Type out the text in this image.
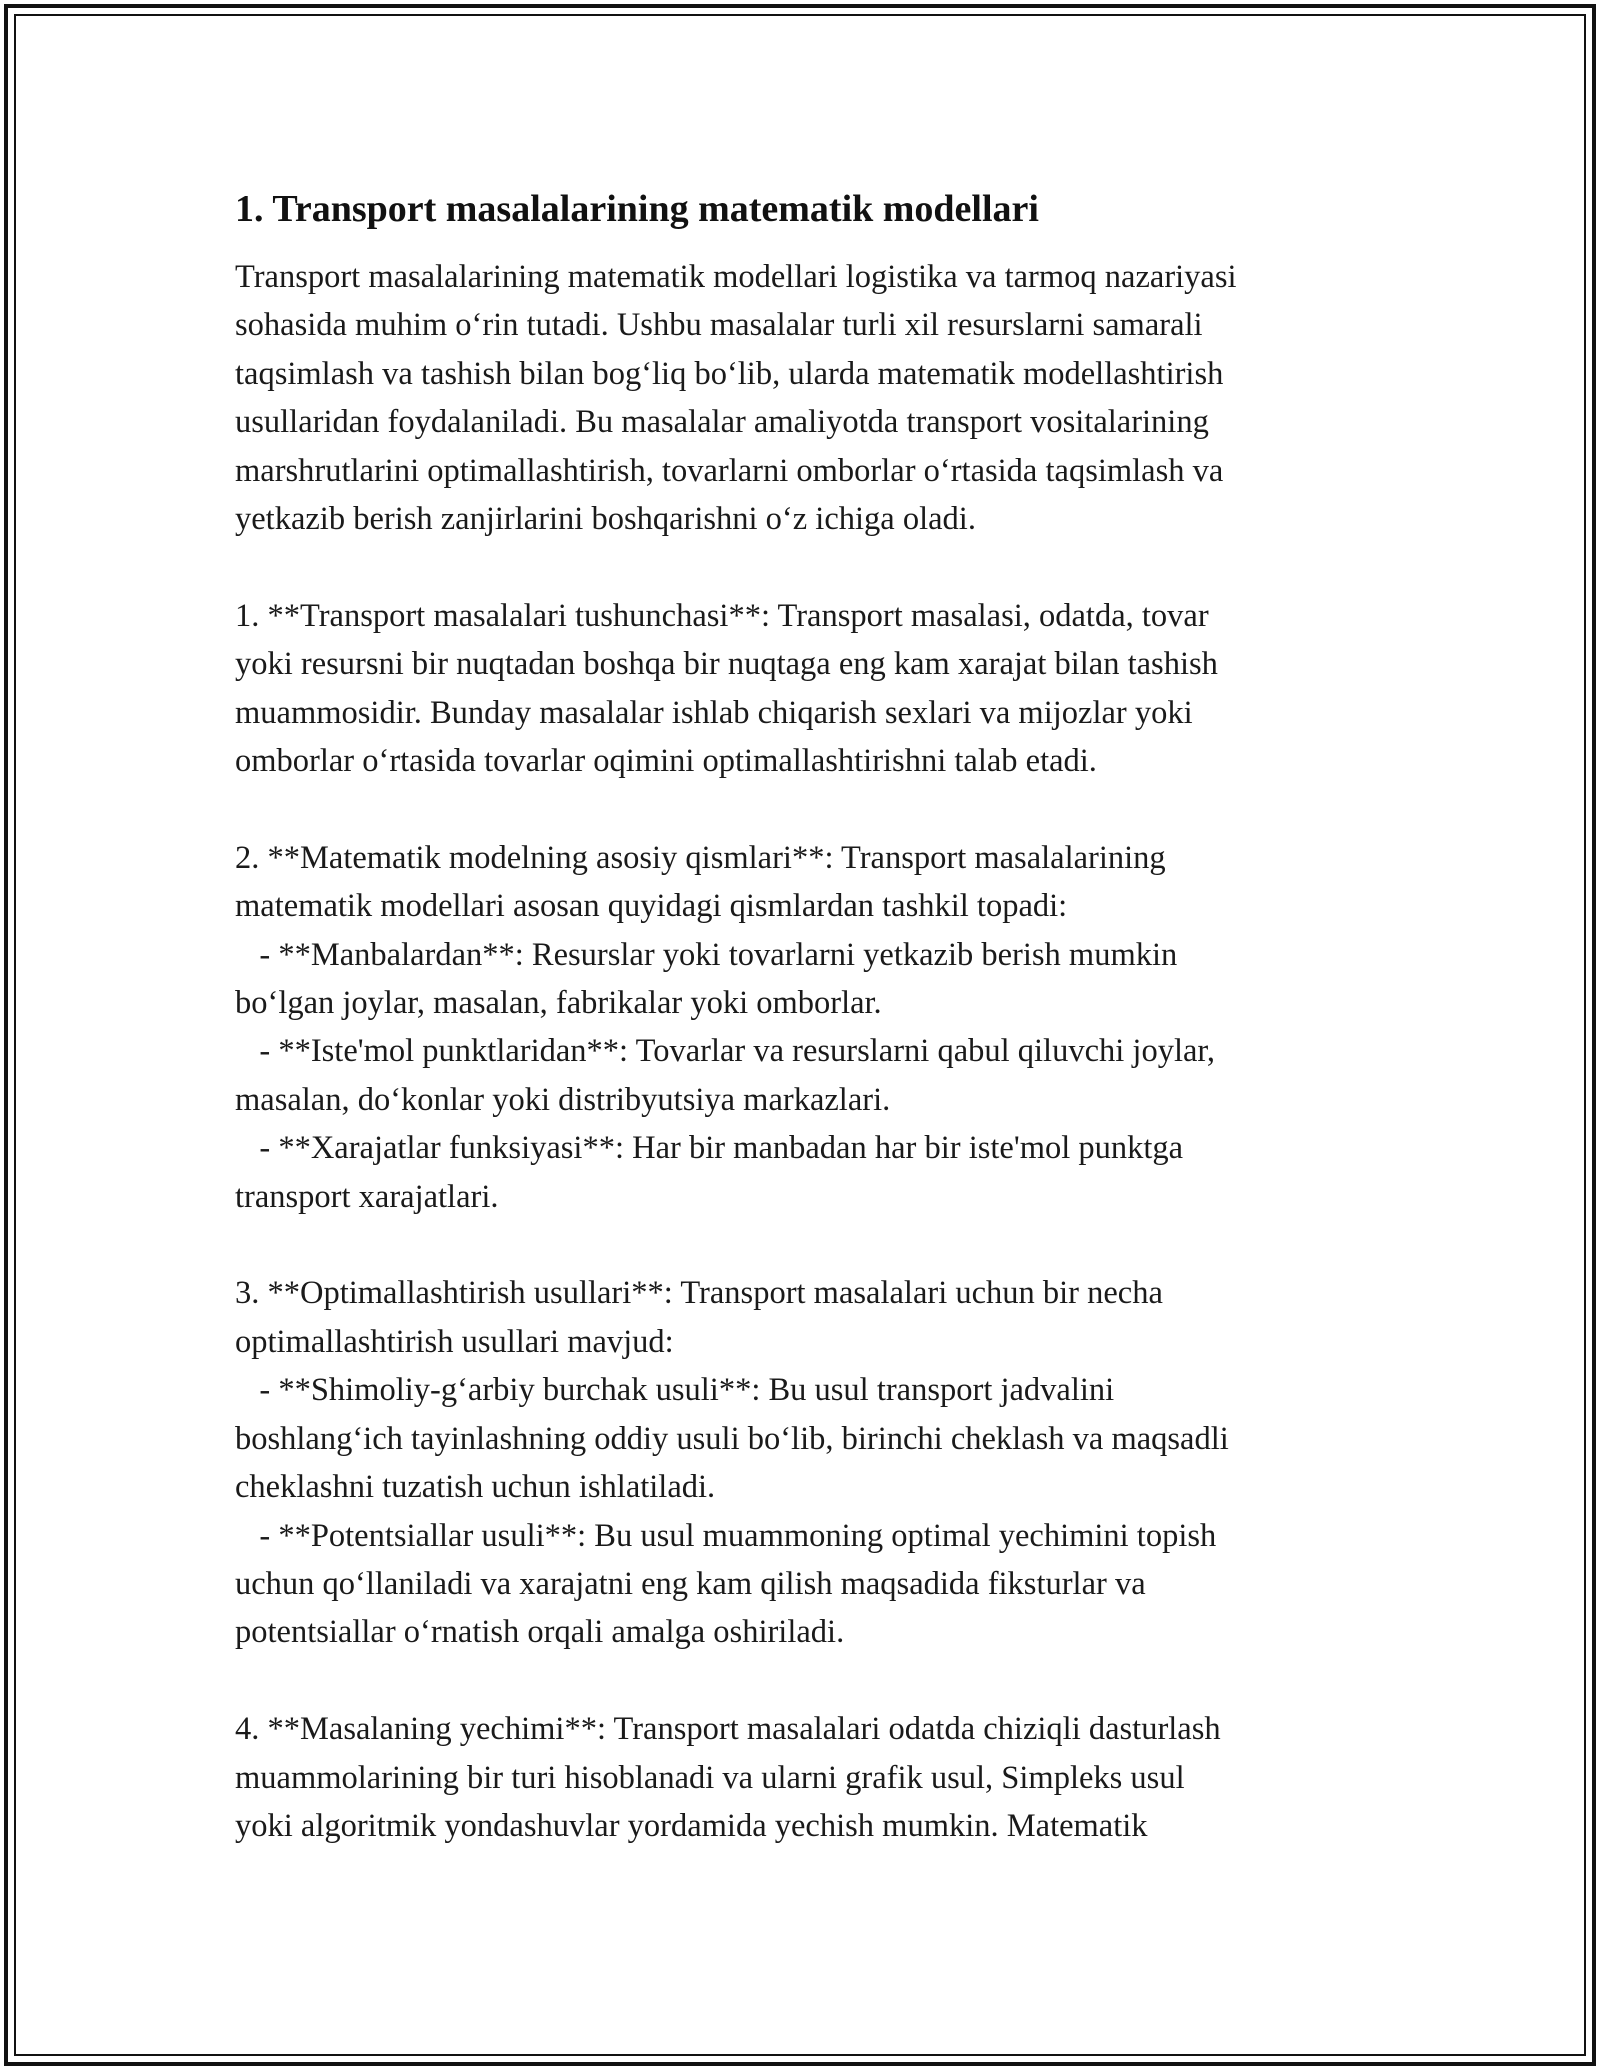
1. Transport masalalarining matematik modellari
Transport masalalarining matematik modellari logistika va tarmoq nazariyasi
sohasida muhim o‘rin tutadi. Ushbu masalalar turli xil resurslarni samarali
taqsimlash va tashish bilan bog‘liq bo‘lib, ularda matematik modellashtirish
usullaridan foydalaniladi. Bu masalalar amaliyotda transport vositalarining
marshrutlarini optimallashtirish, tovarlarni omborlar o‘rtasida taqsimlash va
yetkazib berish zanjirlarini boshqarishni o‘z ichiga oladi.
1. **Transport masalalari tushunchasi**: Transport masalasi, odatda, tovar
yoki resursni bir nuqtadan boshqa bir nuqtaga eng kam xarajat bilan tashish
muammosidir. Bunday masalalar ishlab chiqarish sexlari va mijozlar yoki
omborlar o‘rtasida tovarlar oqimini optimallashtirishni talab etadi.
2. **Matematik modelning asosiy qismlari**: Transport masalalarining
matematik modellari asosan quyidagi qismlardan tashkil topadi:
- **Manbalardan**: Resurslar yoki tovarlarni yetkazib berish mumkin
bo‘lgan joylar, masalan, fabrikalar yoki omborlar.
- **Iste'mol punktlaridan**: Tovarlar va resurslarni qabul qiluvchi joylar,
masalan, do‘konlar yoki distribyutsiya markazlari.
- **Xarajatlar funksiyasi**: Har bir manbadan har bir iste'mol punktga
transport xarajatlari.
3. **Optimallashtirish usullari**: Transport masalalari uchun bir necha
optimallashtirish usullari mavjud:
- **Shimoliy-g‘arbiy burchak usuli**: Bu usul transport jadvalini
boshlang‘ich tayinlashning oddiy usuli bo‘lib, birinchi cheklash va maqsadli
cheklashni tuzatish uchun ishlatiladi.
- **Potentsiallar usuli**: Bu usul muammoning optimal yechimini topish
uchun qo‘llaniladi va xarajatni eng kam qilish maqsadida fiksturlar va
potentsiallar o‘rnatish orqali amalga oshiriladi.
4. **Masalaning yechimi**: Transport masalalari odatda chiziqli dasturlash
muammolarining bir turi hisoblanadi va ularni grafik usul, Simpleks usul
yoki algoritmik yondashuvlar yordamida yechish mumkin. Matematik
